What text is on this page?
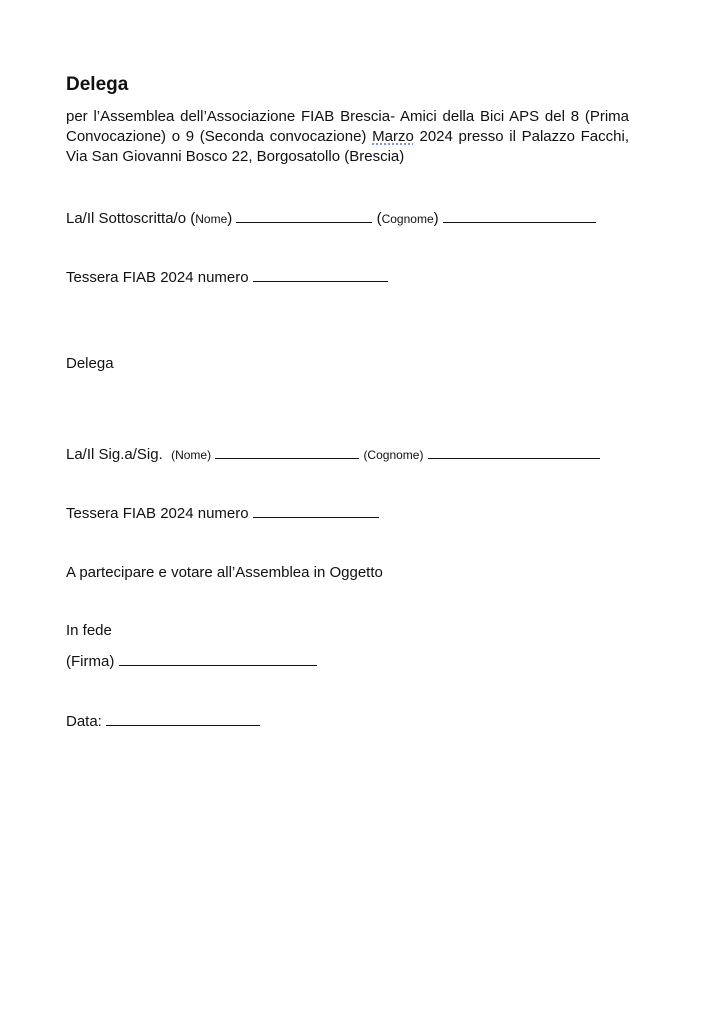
Delega

per l’Assemblea dell’Associazione FIAB Brescia- Amici della Bici APS del 8 (Prima Convocazione) o 9 (Seconda convocazione) Marzo 2024 presso il Palazzo Facchi, Via San Giovanni Bosco 22, Borgosatollo (Brescia)

La/Il Sottoscritta/o (Nome)	(Cognome)

Tessera FIAB 2024 numero

Delega

La/Il Sig.a/Sig. (Nome)	(Cognome)

Tessera FIAB 2024 numero

A partecipare e votare all’Assemblea in Oggetto

In fede

(Firma)

Data:
